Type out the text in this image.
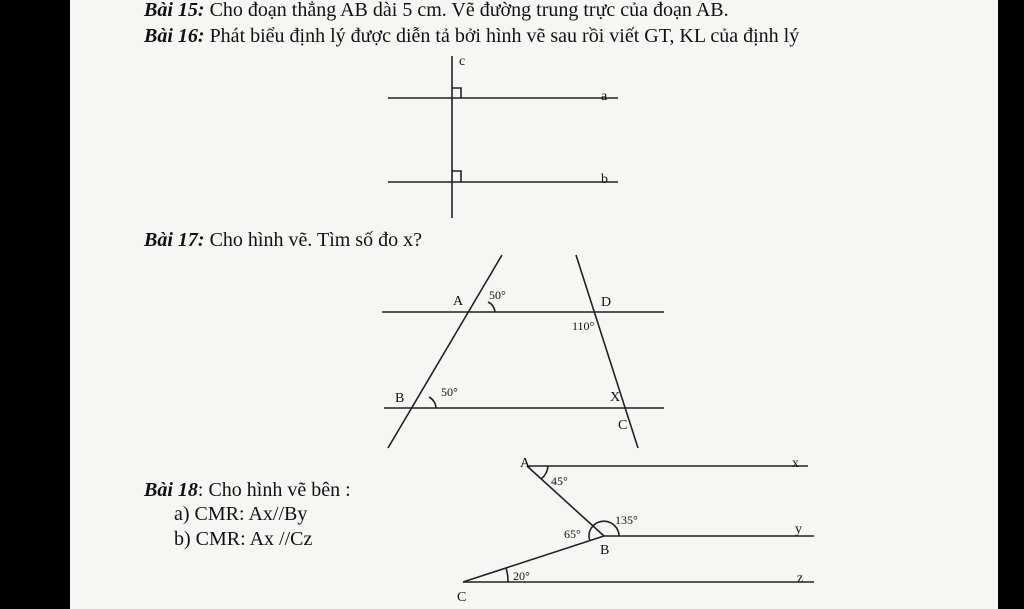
Bài 15: Cho đoạn thẳng AB dài 5 cm. Vẽ đường trung trực của đoạn AB.
Bài 16: Phát biểu định lý được diễn tả bởi hình vẽ sau rồi viết GT, KL của định lý
Bài 17: Cho hình vẽ. Tìm số đo x?
Bài 18: Cho hình vẽ bên :
a) CMR: Ax//By
b) CMR: Ax //Cz
c
a
b
A	D
B	X
C
50°
50°
110°
A
B
C
x
y
z
45°
65°
135°
20°
